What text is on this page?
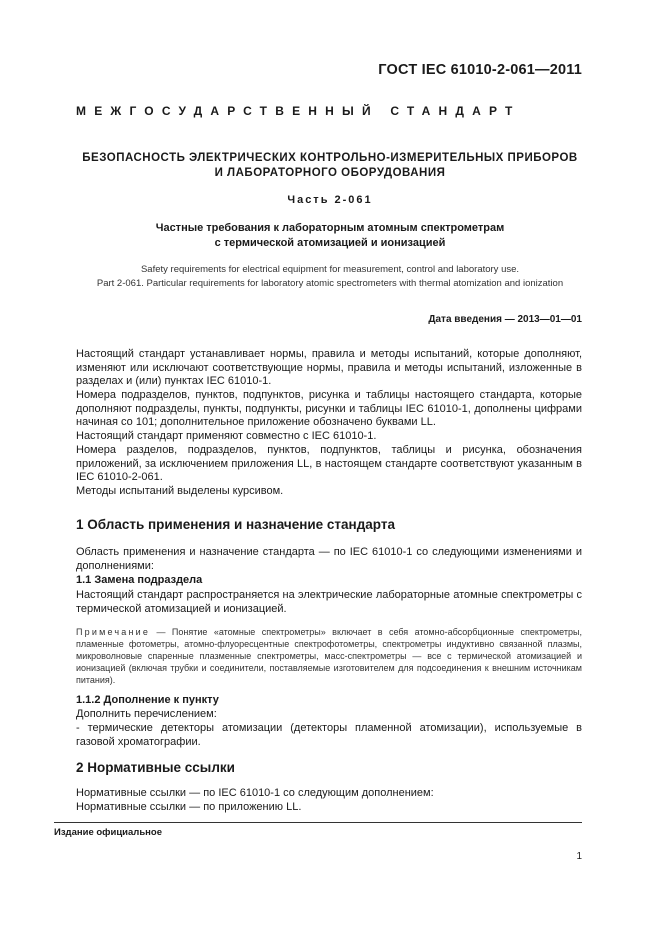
ГОСТ IEC 61010-2-061—2011
МЕЖГОСУДАРСТВЕННЫЙ СТАНДАРТ
БЕЗОПАСНОСТЬ ЭЛЕКТРИЧЕСКИХ КОНТРОЛЬНО-ИЗМЕРИТЕЛЬНЫХ ПРИБОРОВ
И ЛАБОРАТОРНОГО ОБОРУДОВАНИЯ
Часть 2-061
Частные требования к лабораторным атомным спектрометрам
с термической атомизацией и ионизацией
Safety requirements for electrical equipment for measurement, control and laboratory use.
Part 2-061. Particular requirements for laboratory atomic spectrometers with thermal atomization and ionization
Дата введения — 2013—01—01
Настоящий стандарт устанавливает нормы, правила и методы испытаний, которые дополняют, изменяют или исключают соответствующие нормы, правила и методы испытаний, изложенные в разделах и (или) пунктах IEC 61010-1.
Номера подразделов, пунктов, подпунктов, рисунка и таблицы настоящего стандарта, которые дополняют подразделы, пункты, подпункты, рисунки и таблицы IEC 61010-1, дополнены цифрами начиная со 101; дополнительное приложение обозначено буквами LL.
Настоящий стандарт применяют совместно с IEC 61010-1.
Номера разделов, подразделов, пунктов, подпунктов, таблицы и рисунка, обозначения приложений, за исключением приложения LL, в настоящем стандарте соответствуют указанным в IEC 61010-2-061.
Методы испытаний выделены курсивом.
1 Область применения и назначение стандарта
Область применения и назначение стандарта — по IEC 61010-1 со следующими изменениями и дополнениями:
1.1 Замена подраздела
Настоящий стандарт распространяется на электрические лабораторные атомные спектрометры с термической атомизацией и ионизацией.
Примечание — Понятие «атомные спектрометры» включает в себя атомно-абсорбционные спектрометры, пламенные фотометры, атомно-флуоресцентные спектрофотометры, спектрометры индуктивно связанной плазмы, микроволновые спаренные плазменные спектрометры, масс-спектрометры — все с термической атомизацией и ионизацией (включая трубки и соединители, поставляемые изготовителем для подсоединения к внешним источникам питания).
1.1.2 Дополнение к пункту
Дополнить перечислением:
- термические детекторы атомизации (детекторы пламенной атомизации), используемые в газовой хроматографии.
2 Нормативные ссылки
Нормативные ссылки — по IEC 61010-1 со следующим дополнением:
Нормативные ссылки — по приложению LL.
Издание официальное
1
